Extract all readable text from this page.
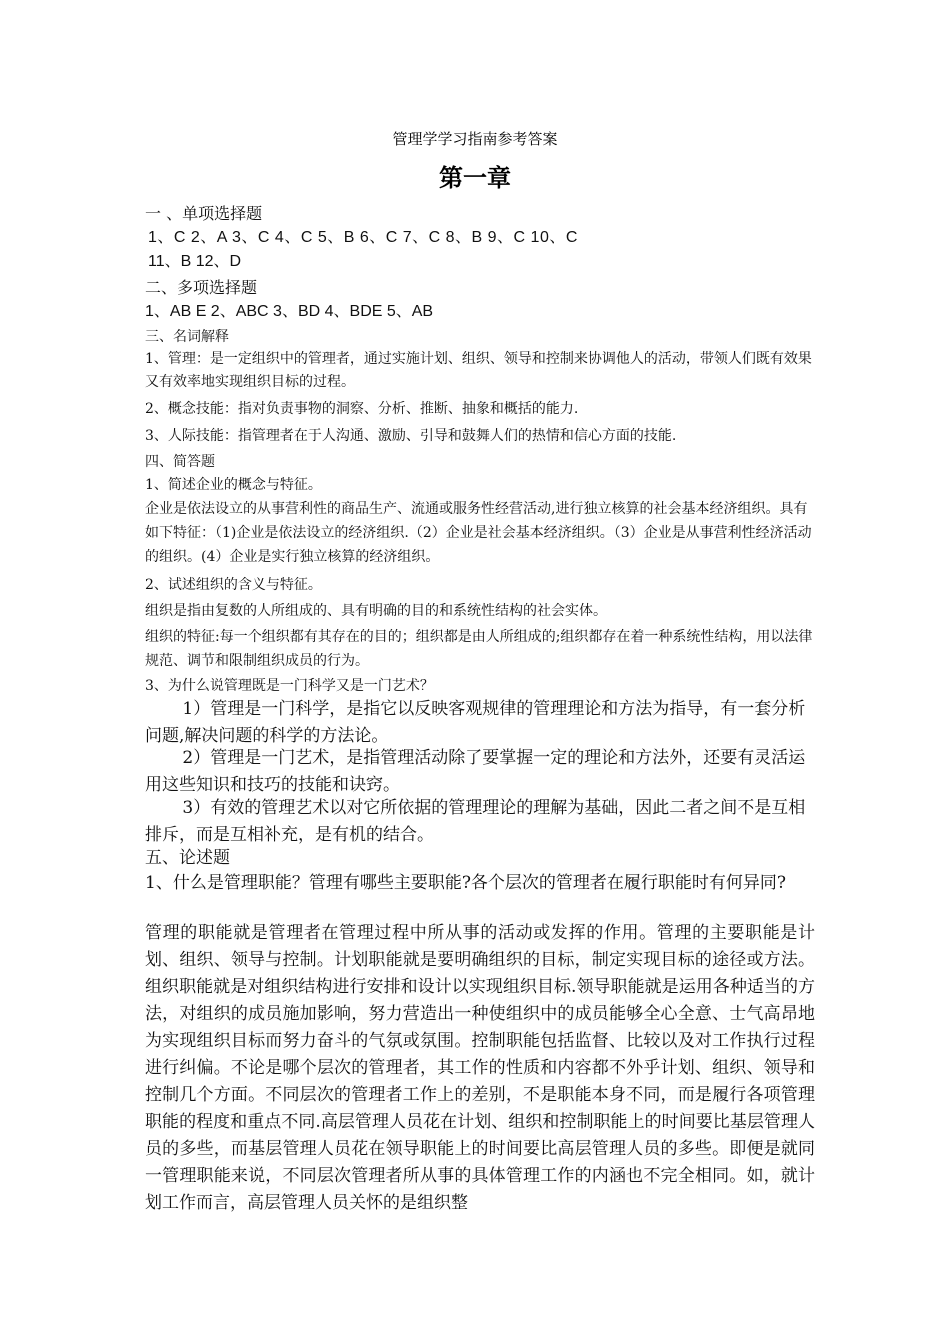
管理学学习指南参考答案
第一章
一 、单项选择题
1、C 2、A 3、C 4、C 5、B 6、C 7、C 8、B 9、C 10、C
11、B 12、D
二、多项选择题
1、AB E 2、ABC 3、BD 4、BDE 5、AB
三、名词解释
1、管理：是一定组织中的管理者，通过实施计划、组织、领导和控制来协调他人的活动，带领人们既有效果又有效率地实现组织目标的过程。
2、概念技能：指对负责事物的洞察、分析、推断、抽象和概括的能力.
3、人际技能：指管理者在于人沟通、激励、引导和鼓舞人们的热情和信心方面的技能.
四、简答题
1、简述企业的概念与特征。
企业是依法设立的从事营利性的商品生产、流通或服务性经营活动,进行独立核算的社会基本经济组织。具有如下特征：（1)企业是依法设立的经济组织.（2）企业是社会基本经济组织。（3）企业是从事营利性经济活动的组织。(4）企业是实行独立核算的经济组织。
2、试述组织的含义与特征。
组织是指由复数的人所组成的、具有明确的目的和系统性结构的社会实体。
组织的特征:每一个组织都有其存在的目的；组织都是由人所组成的;组织都存在着一种系统性结构，用以法律规范、调节和限制组织成员的行为。
3、为什么说管理既是一门科学又是一门艺术？
1）管理是一门科学，是指它以反映客观规律的管理理论和方法为指导，有一套分析问题,解决问题的科学的方法论。
2）管理是一门艺术，是指管理活动除了要掌握一定的理论和方法外，还要有灵活运用这些知识和技巧的技能和诀窍。
3）有效的管理艺术以对它所依据的管理理论的理解为基础，因此二者之间不是互相排斥，而是互相补充，是有机的结合。
五、论述题
1、什么是管理职能？管理有哪些主要职能?各个层次的管理者在履行职能时有何异同?
管理的职能就是管理者在管理过程中所从事的活动或发挥的作用。管理的主要职能是计划、组织、领导与控制。计划职能就是要明确组织的目标，制定实现目标的途径或方法。组织职能就是对组织结构进行安排和设计以实现组织目标.领导职能就是运用各种适当的方法，对组织的成员施加影响，努力营造出一种使组织中的成员能够全心全意、士气高昂地为实现组织目标而努力奋斗的气氛或氛围。控制职能包括监督、比较以及对工作执行过程进行纠偏。不论是哪个层次的管理者，其工作的性质和内容都不外乎计划、组织、领导和控制几个方面。不同层次的管理者工作上的差别，不是职能本身不同，而是履行各项管理职能的程度和重点不同.高层管理人员花在计划、组织和控制职能上的时间要比基层管理人员的多些，而基层管理人员花在领导职能上的时间要比高层管理人员的多些。即便是就同一管理职能来说，不同层次管理者所从事的具体管理工作的内涵也不完全相同。如，就计划工作而言，高层管理人员关怀的是组织整
